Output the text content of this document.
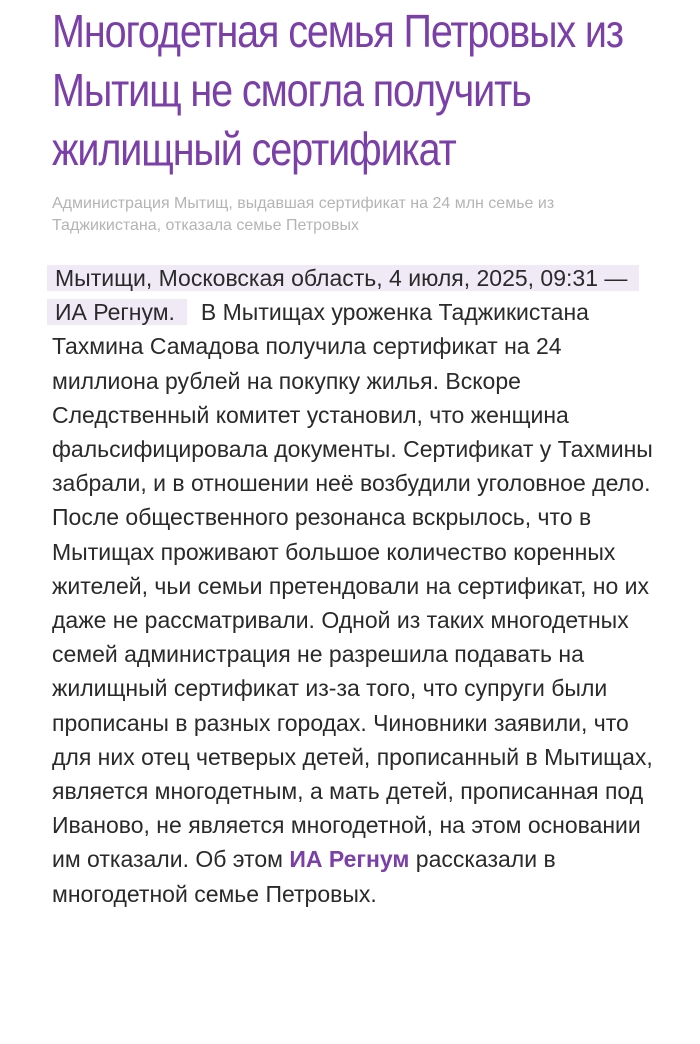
Многодетная семья Петровых из Мытищ не смогла получить жилищный сертификат

Администрация Мытищ, выдавшая сертификат на 24 млн семье из Таджикистана, отказала семье Петровых

Мытищи, Московская область, 4 июля, 2025, 09:31 — ИА Регнум. В Мытищах уроженка Таджикистана Тахмина Самадова получила сертификат на 24 миллиона рублей на покупку жилья. Вскоре Следственный комитет установил, что женщина фальсифицировала документы. Сертификат у Тахмины забрали, и в отношении неё возбудили уголовное дело. После общественного резонанса вскрылось, что в Мытищах проживают большое количество коренных жителей, чьи семьи претендовали на сертификат, но их даже не рассматривали. Одной из таких многодетных семей администрация не разрешила подавать на жилищный сертификат из-за того, что супруги были прописаны в разных городах. Чиновники заявили, что для них отец четверых детей, прописанный в Мытищах, является многодетным, а мать детей, прописанная под Иваново, не является многодетной, на этом основании им отказали. Об этом ИА Регнум рассказали в многодетной семье Петровых.
